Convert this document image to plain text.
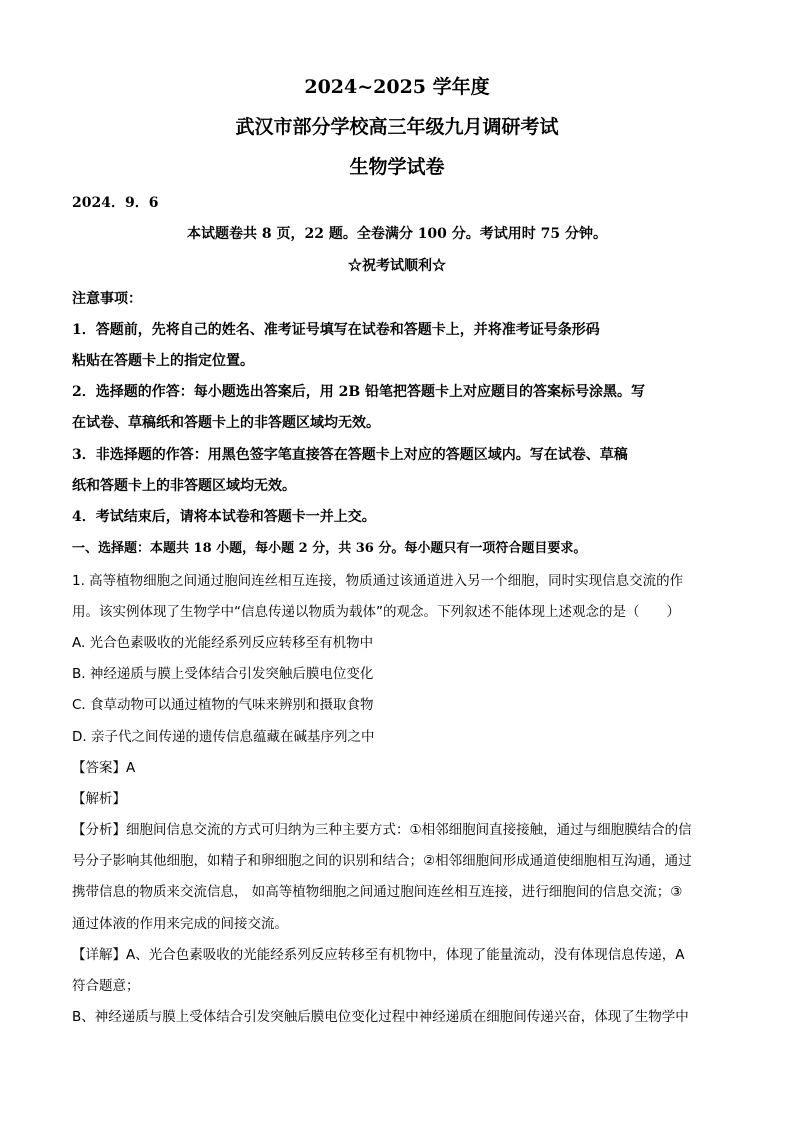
2024~2025 学年度
武汉市部分学校高三年级九月调研考试
生物学试卷
2024．9．6
本试题卷共 8 页，22 题。全卷满分 100 分。考试用时 75 分钟。
☆祝考试顺利☆
注意事项：
1．答题前，先将自己的姓名、准考证号填写在试卷和答题卡上，并将准考证号条形码
粘贴在答题卡上的指定位置。
2．选择题的作答：每小题选出答案后，用 2B 铅笔把答题卡上对应题目的答案标号涂黑。写
在试卷、草稿纸和答题卡上的非答题区域均无效。
3．非选择题的作答：用黑色签字笔直接答在答题卡上对应的答题区域内。写在试卷、草稿
纸和答题卡上的非答题区域均无效。
4．考试结束后，请将本试卷和答题卡一并上交。
一、选择题：本题共 18 小题，每小题 2 分，共 36 分。每小题只有一项符合题目要求。
1. 高等植物细胞之间通过胞间连丝相互连接，物质通过该通道进入另一个细胞，同时实现信息交流的作
用。该实例体现了生物学中“信息传递以物质为载体”的观念。下列叙述不能体现上述观念的是（　　）
A. 光合色素吸收的光能经系列反应转移至有机物中
B. 神经递质与膜上受体结合引发突触后膜电位变化
C. 食草动物可以通过植物的气味来辨别和摄取食物
D. 亲子代之间传递的遗传信息蕴藏在碱基序列之中
【答案】A
【解析】
【分析】细胞间信息交流的方式可归纳为三种主要方式：①相邻细胞间直接接触，通过与细胞膜结合的信
号分子影响其他细胞，如精子和卵细胞之间的识别和结合；②相邻细胞间形成通道使细胞相互沟通，通过
携带信息的物质来交流信息， 如高等植物细胞之间通过胞间连丝相互连接，进行细胞间的信息交流；③
通过体液的作用来完成的间接交流。
【详解】A、光合色素吸收的光能经系列反应转移至有机物中，体现了能量流动，没有体现信息传递，A
符合题意；
B、神经递质与膜上受体结合引发突触后膜电位变化过程中神经递质在细胞间传递兴奋，体现了生物学中
